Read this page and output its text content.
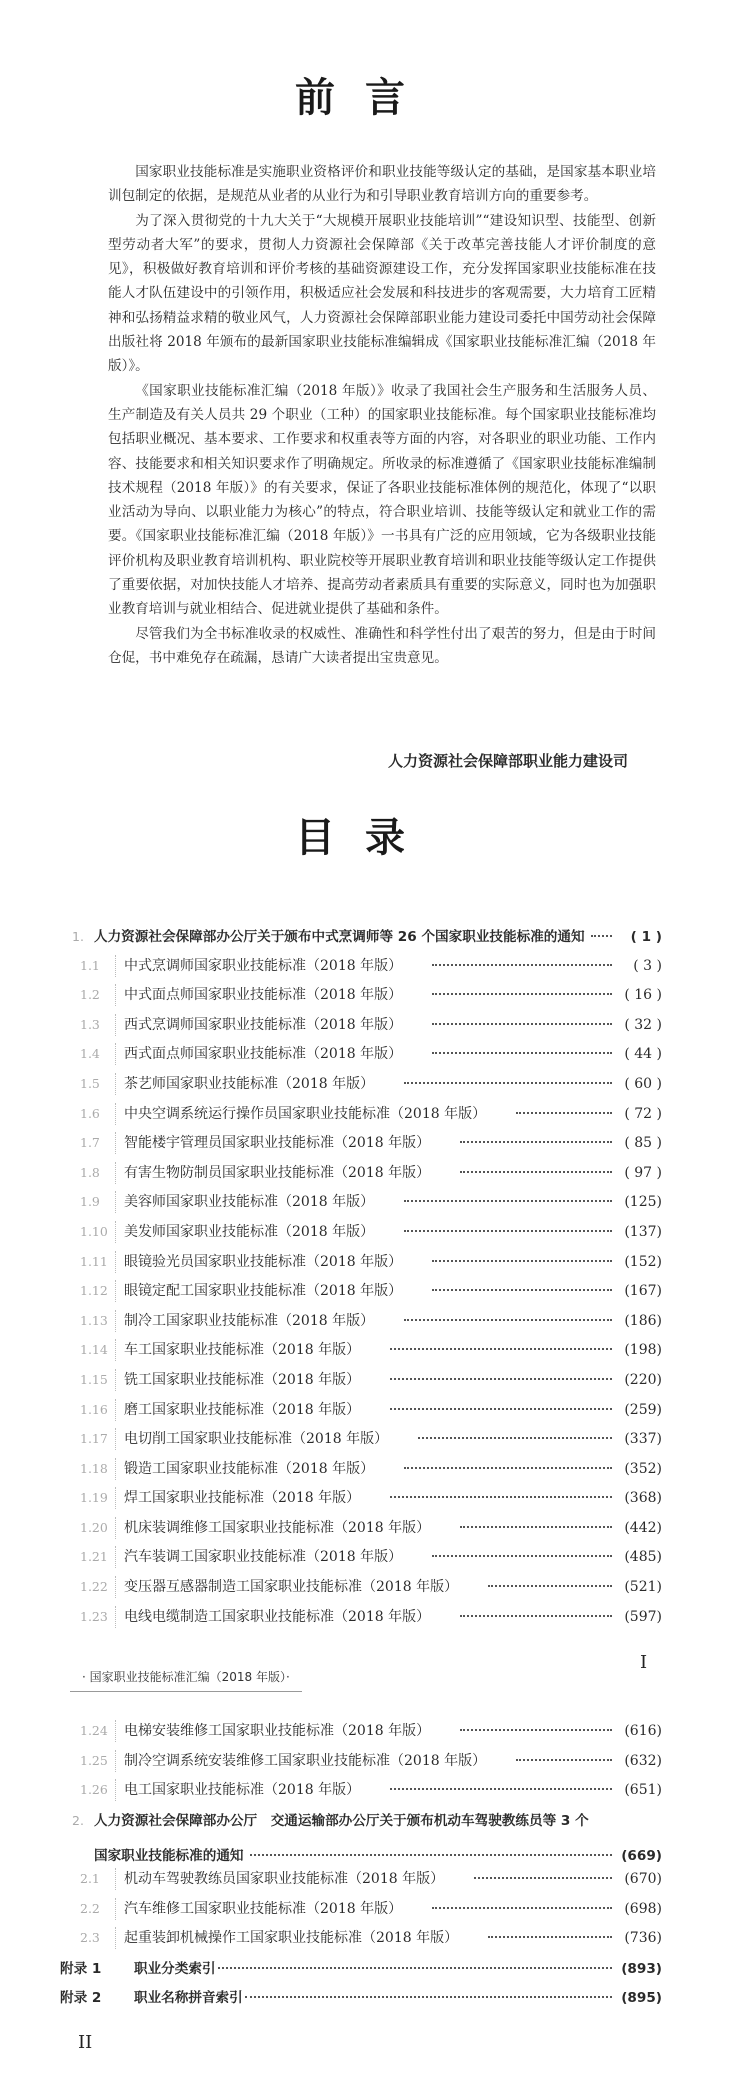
前言

国家职业技能标准是实施职业资格评价和职业技能等级认定的基础，是国家基本职业培训包制定的依据，是规范从业者的从业行为和引导职业教育培训方向的重要参考。

为了深入贯彻党的十九大关于“大规模开展职业技能培训”“建设知识型、技能型、创新型劳动者大军”的要求，贯彻人力资源社会保障部《关于改革完善技能人才评价制度的意见》，积极做好教育培训和评价考核的基础资源建设工作，充分发挥国家职业技能标准在技能人才队伍建设中的引领作用，积极适应社会发展和科技进步的客观需要，大力培育工匠精神和弘扬精益求精的敬业风气，人力资源社会保障部职业能力建设司委托中国劳动社会保障出版社将 2018 年颁布的最新国家职业技能标准编辑成《国家职业技能标准汇编（2018 年版）》。

《国家职业技能标准汇编（2018 年版）》收录了我国社会生产服务和生活服务人员、生产制造及有关人员共 29 个职业（工种）的国家职业技能标准。每个国家职业技能标准均包括职业概况、基本要求、工作要求和权重表等方面的内容，对各职业的职业功能、工作内容、技能要求和相关知识要求作了明确规定。所收录的标准遵循了《国家职业技能标准编制技术规程（2018 年版）》的有关要求，保证了各职业技能标准体例的规范化，体现了“以职业活动为导向、以职业能力为核心”的特点，符合职业培训、技能等级认定和就业工作的需要。《国家职业技能标准汇编（2018 年版）》一书具有广泛的应用领域，它为各级职业技能评价机构及职业教育培训机构、职业院校等开展职业教育培训和职业技能等级认定工作提供了重要依据，对加快技能人才培养、提高劳动者素质具有重要的实际意义，同时也为加强职业教育培训与就业相结合、促进就业提供了基础和条件。

尽管我们为全书标准收录的权威性、准确性和科学性付出了艰苦的努力，但是由于时间仓促，书中难免存在疏漏，恳请广大读者提出宝贵意见。

人力资源社会保障部职业能力建设司
目录
1. 人力资源社会保障部办公厅关于颁布中式烹调师等 26 个国家职业技能标准的通知	( 1 )
1.1	中式烹调师国家职业技能标准（2018 年版）	( 3 )
1.2	中式面点师国家职业技能标准（2018 年版）	( 16 )
1.3	西式烹调师国家职业技能标准（2018 年版）	( 32 )
1.4	西式面点师国家职业技能标准（2018 年版）	( 44 )
1.5	茶艺师国家职业技能标准（2018 年版）	( 60 )
1.6	中央空调系统运行操作员国家职业技能标准（2018 年版）	( 72 )
1.7	智能楼宇管理员国家职业技能标准（2018 年版）	( 85 )
1.8	有害生物防制员国家职业技能标准（2018 年版）	( 97 )
1.9	美容师国家职业技能标准（2018 年版）	(125)
1.10	美发师国家职业技能标准（2018 年版）	(137)
1.11	眼镜验光员国家职业技能标准（2018 年版）	(152)
1.12	眼镜定配工国家职业技能标准（2018 年版）	(167)
1.13	制冷工国家职业技能标准（2018 年版）	(186)
1.14	车工国家职业技能标准（2018 年版）	(198)
1.15	铣工国家职业技能标准（2018 年版）	(220)
1.16	磨工国家职业技能标准（2018 年版）	(259)
1.17	电切削工国家职业技能标准（2018 年版）	(337)
1.18	锻造工国家职业技能标准（2018 年版）	(352)
1.19	焊工国家职业技能标准（2018 年版）	(368)
1.20	机床装调维修工国家职业技能标准（2018 年版）	(442)
1.21	汽车装调工国家职业技能标准（2018 年版）	(485)
1.22	变压器互感器制造工国家职业技能标准（2018 年版）	(521)
1.23	电线电缆制造工国家职业技能标准（2018 年版）	(597)
I
· 国家职业技能标准汇编（2018 年版）·
1.24	电梯安装维修工国家职业技能标准（2018 年版）	(616)
1.25	制冷空调系统安装维修工国家职业技能标准（2018 年版）	(632)
1.26	电工国家职业技能标准（2018 年版）	(651)
2. 人力资源社会保障部办公厅　交通运输部办公厅关于颁布机动车驾驶教练员等 3 个
国家职业技能标准的通知	(669)
2.1	机动车驾驶教练员国家职业技能标准（2018 年版）	(670)
2.2	汽车维修工国家职业技能标准（2018 年版）	(698)
2.3	起重装卸机械操作工国家职业技能标准（2018 年版）	(736)
附录 1	职业分类索引	(893)
附录 2	职业名称拼音索引	(895)
II
